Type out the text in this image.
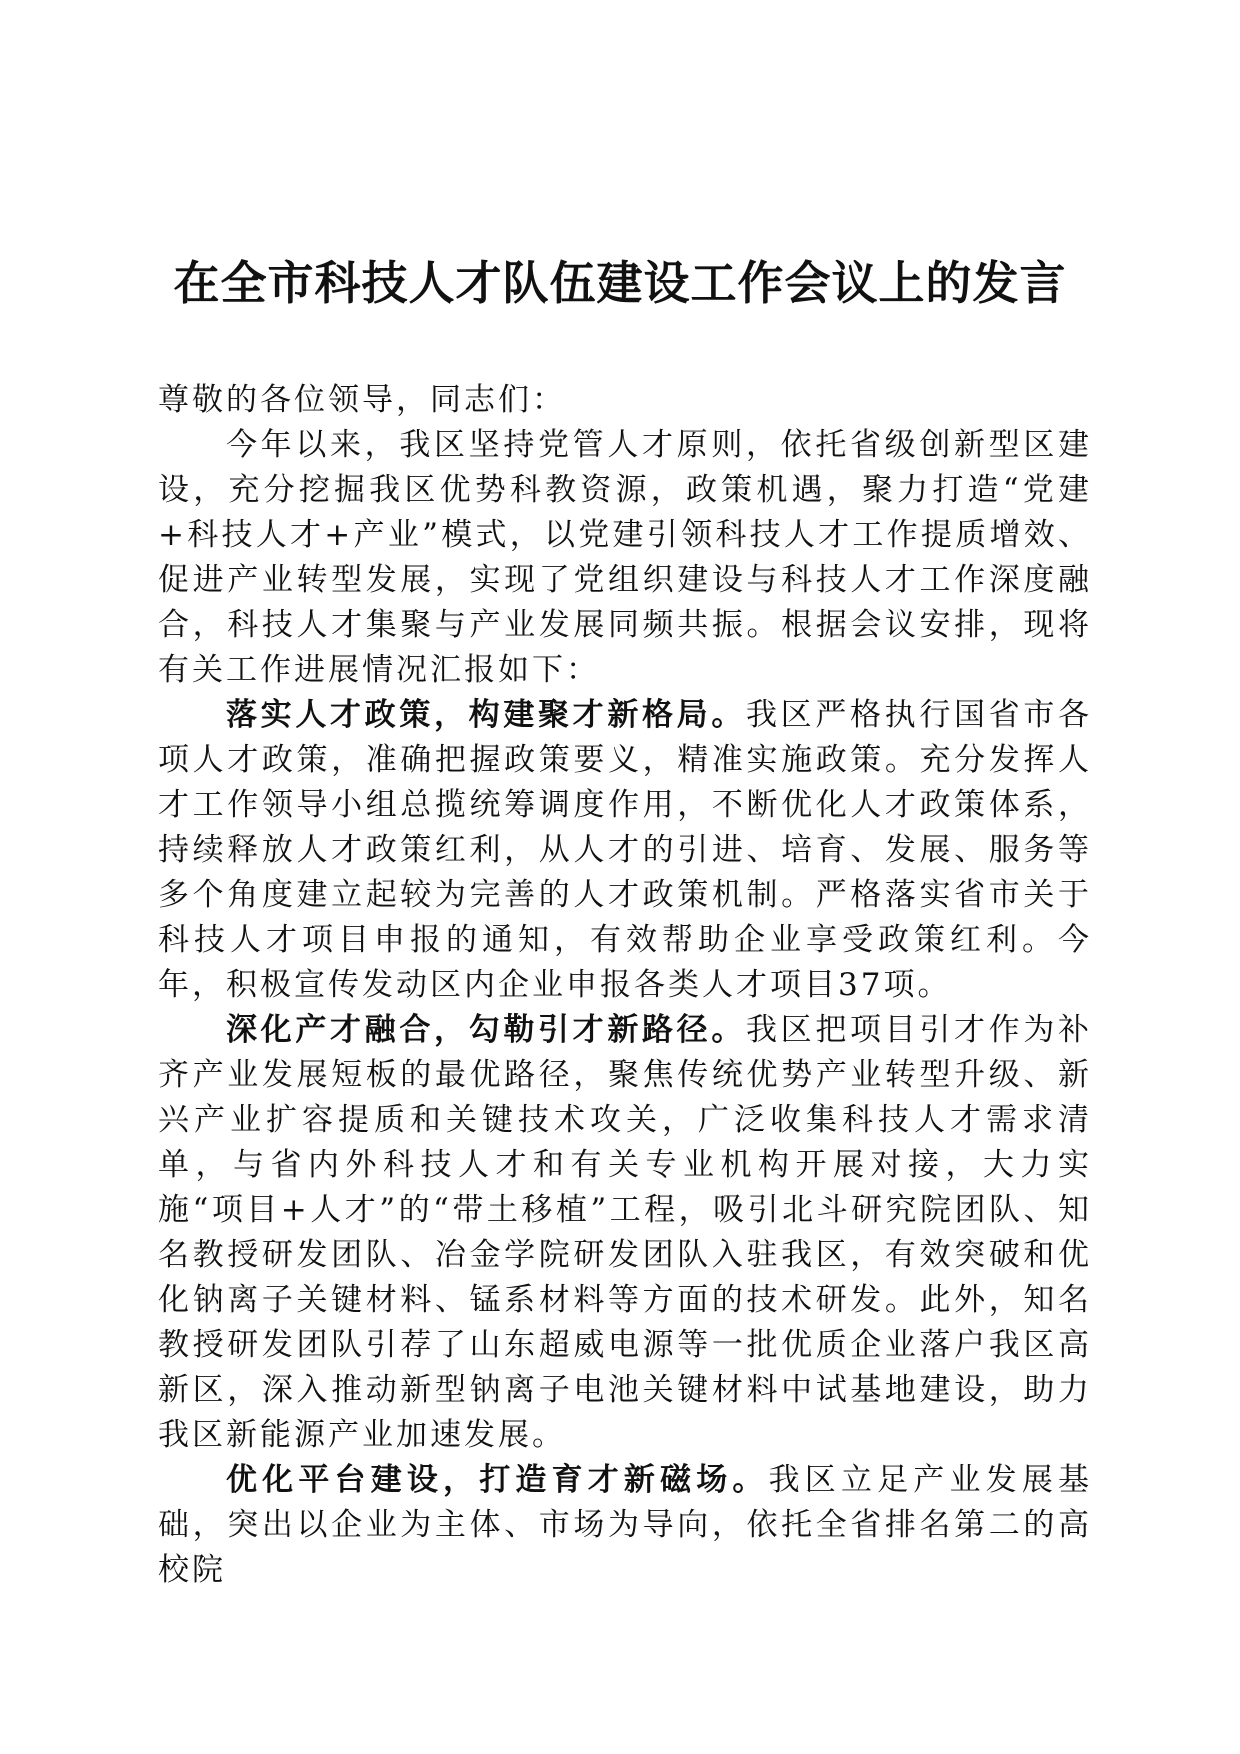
在全市科技人才队伍建设工作会议上的发言

尊敬的各位领导，同志们：

今年以来，我区坚持党管人才原则，依托省级创新型区建设，充分挖掘我区优势科教资源，政策机遇，聚力打造“党建+科技人才+产业”模式，以党建引领科技人才工作提质增效、促进产业转型发展，实现了党组织建设与科技人才工作深度融合，科技人才集聚与产业发展同频共振。根据会议安排，现将有关工作进展情况汇报如下：

落实人才政策，构建聚才新格局。我区严格执行国省市各项人才政策，准确把握政策要义，精准实施政策。充分发挥人才工作领导小组总揽统筹调度作用，不断优化人才政策体系，持续释放人才政策红利，从人才的引进、培育、发展、服务等多个角度建立起较为完善的人才政策机制。严格落实省市关于科技人才项目申报的通知，有效帮助企业享受政策红利。今年，积极宣传发动区内企业申报各类人才项目37项。

深化产才融合，勾勒引才新路径。我区把项目引才作为补齐产业发展短板的最优路径，聚焦传统优势产业转型升级、新兴产业扩容提质和关键技术攻关，广泛收集科技人才需求清单，与省内外科技人才和有关专业机构开展对接，大力实施“项目+人才”的“带土移植”工程，吸引北斗研究院团队、知名教授研发团队、冶金学院研发团队入驻我区，有效突破和优化钠离子关键材料、锰系材料等方面的技术研发。此外，知名教授研发团队引荐了山东超威电源等一批优质企业落户我区高新区，深入推动新型钠离子电池关键材料中试基地建设，助力我区新能源产业加速发展。

优化平台建设，打造育才新磁场。我区立足产业发展基础，突出以企业为主体、市场为导向，依托全省排名第二的高校院
